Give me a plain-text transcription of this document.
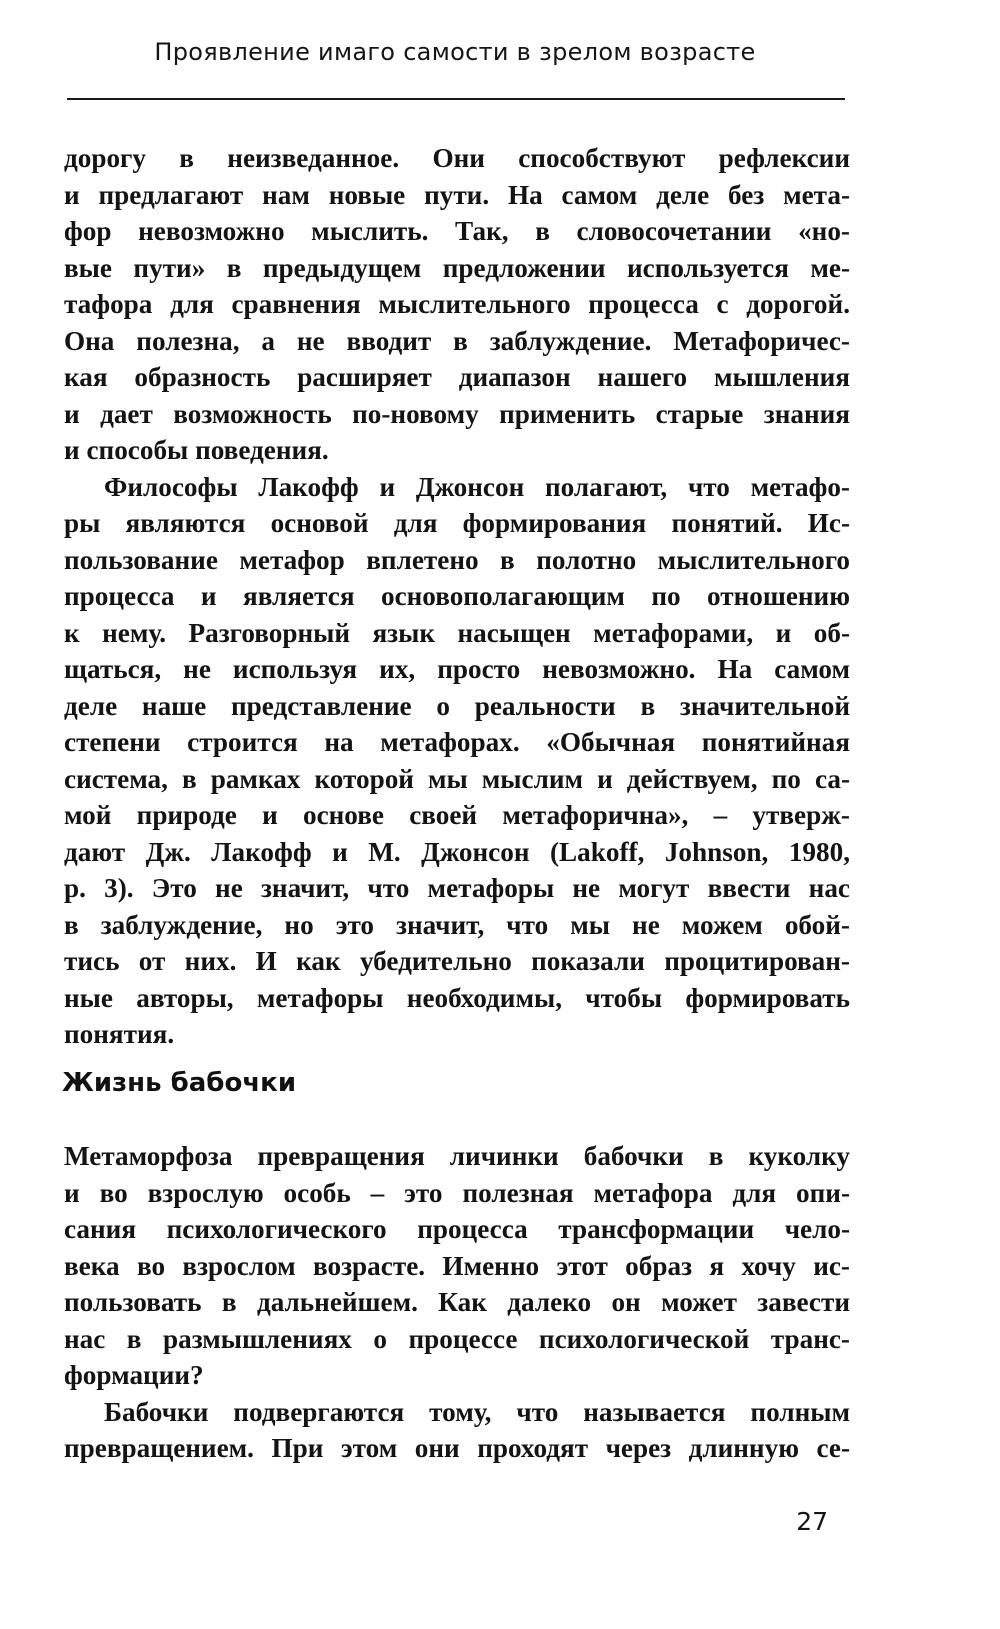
Проявление имаго самости в зрелом возрасте
дорогу в неизведанное. Они способствуют рефлексии
и предлагают нам новые пути. На самом деле без мета-
фор невозможно мыслить. Так, в словосочетании «но-
вые пути» в предыдущем предложении используется ме-
тафора для сравнения мыслительного процесса с дорогой.
Она полезна, а не вводит в заблуждение. Метафоричес-
кая образность расширяет диапазон нашего мышления
и дает возможность по-новому применить старые знания
и способы поведения.
Философы Лакофф и Джонсон полагают, что метафо-
ры являются основой для формирования понятий. Ис-
пользование метафор вплетено в полотно мыслительного
процесса и является основополагающим по отношению
к нему. Разговорный язык насыщен метафорами, и об-
щаться, не используя их, просто невозможно. На самом
деле наше представление о реальности в значительной
степени строится на метафорах. «Обычная понятийная
система, в рамках которой мы мыслим и действуем, по са-
мой природе и основе своей метафорична», – утверж-
дают Дж. Лакофф и М. Джонсон (Lakoff, Johnson, 1980,
p. 3). Это не значит, что метафоры не могут ввести нас
в заблуждение, но это значит, что мы не можем обой-
тись от них. И как убедительно показали процитирован-
ные авторы, метафоры необходимы, чтобы формировать
понятия.
Жизнь бабочки
Метаморфоза превращения личинки бабочки в куколку
и во взрослую особь – это полезная метафора для опи-
сания психологического процесса трансформации чело-
века во взрослом возрасте. Именно этот образ я хочу ис-
пользовать в дальнейшем. Как далеко он может завести
нас в размышлениях о процессе психологической транс-
формации?
Бабочки подвергаются тому, что называется полным
превращением. При этом они проходят через длинную се-
27
